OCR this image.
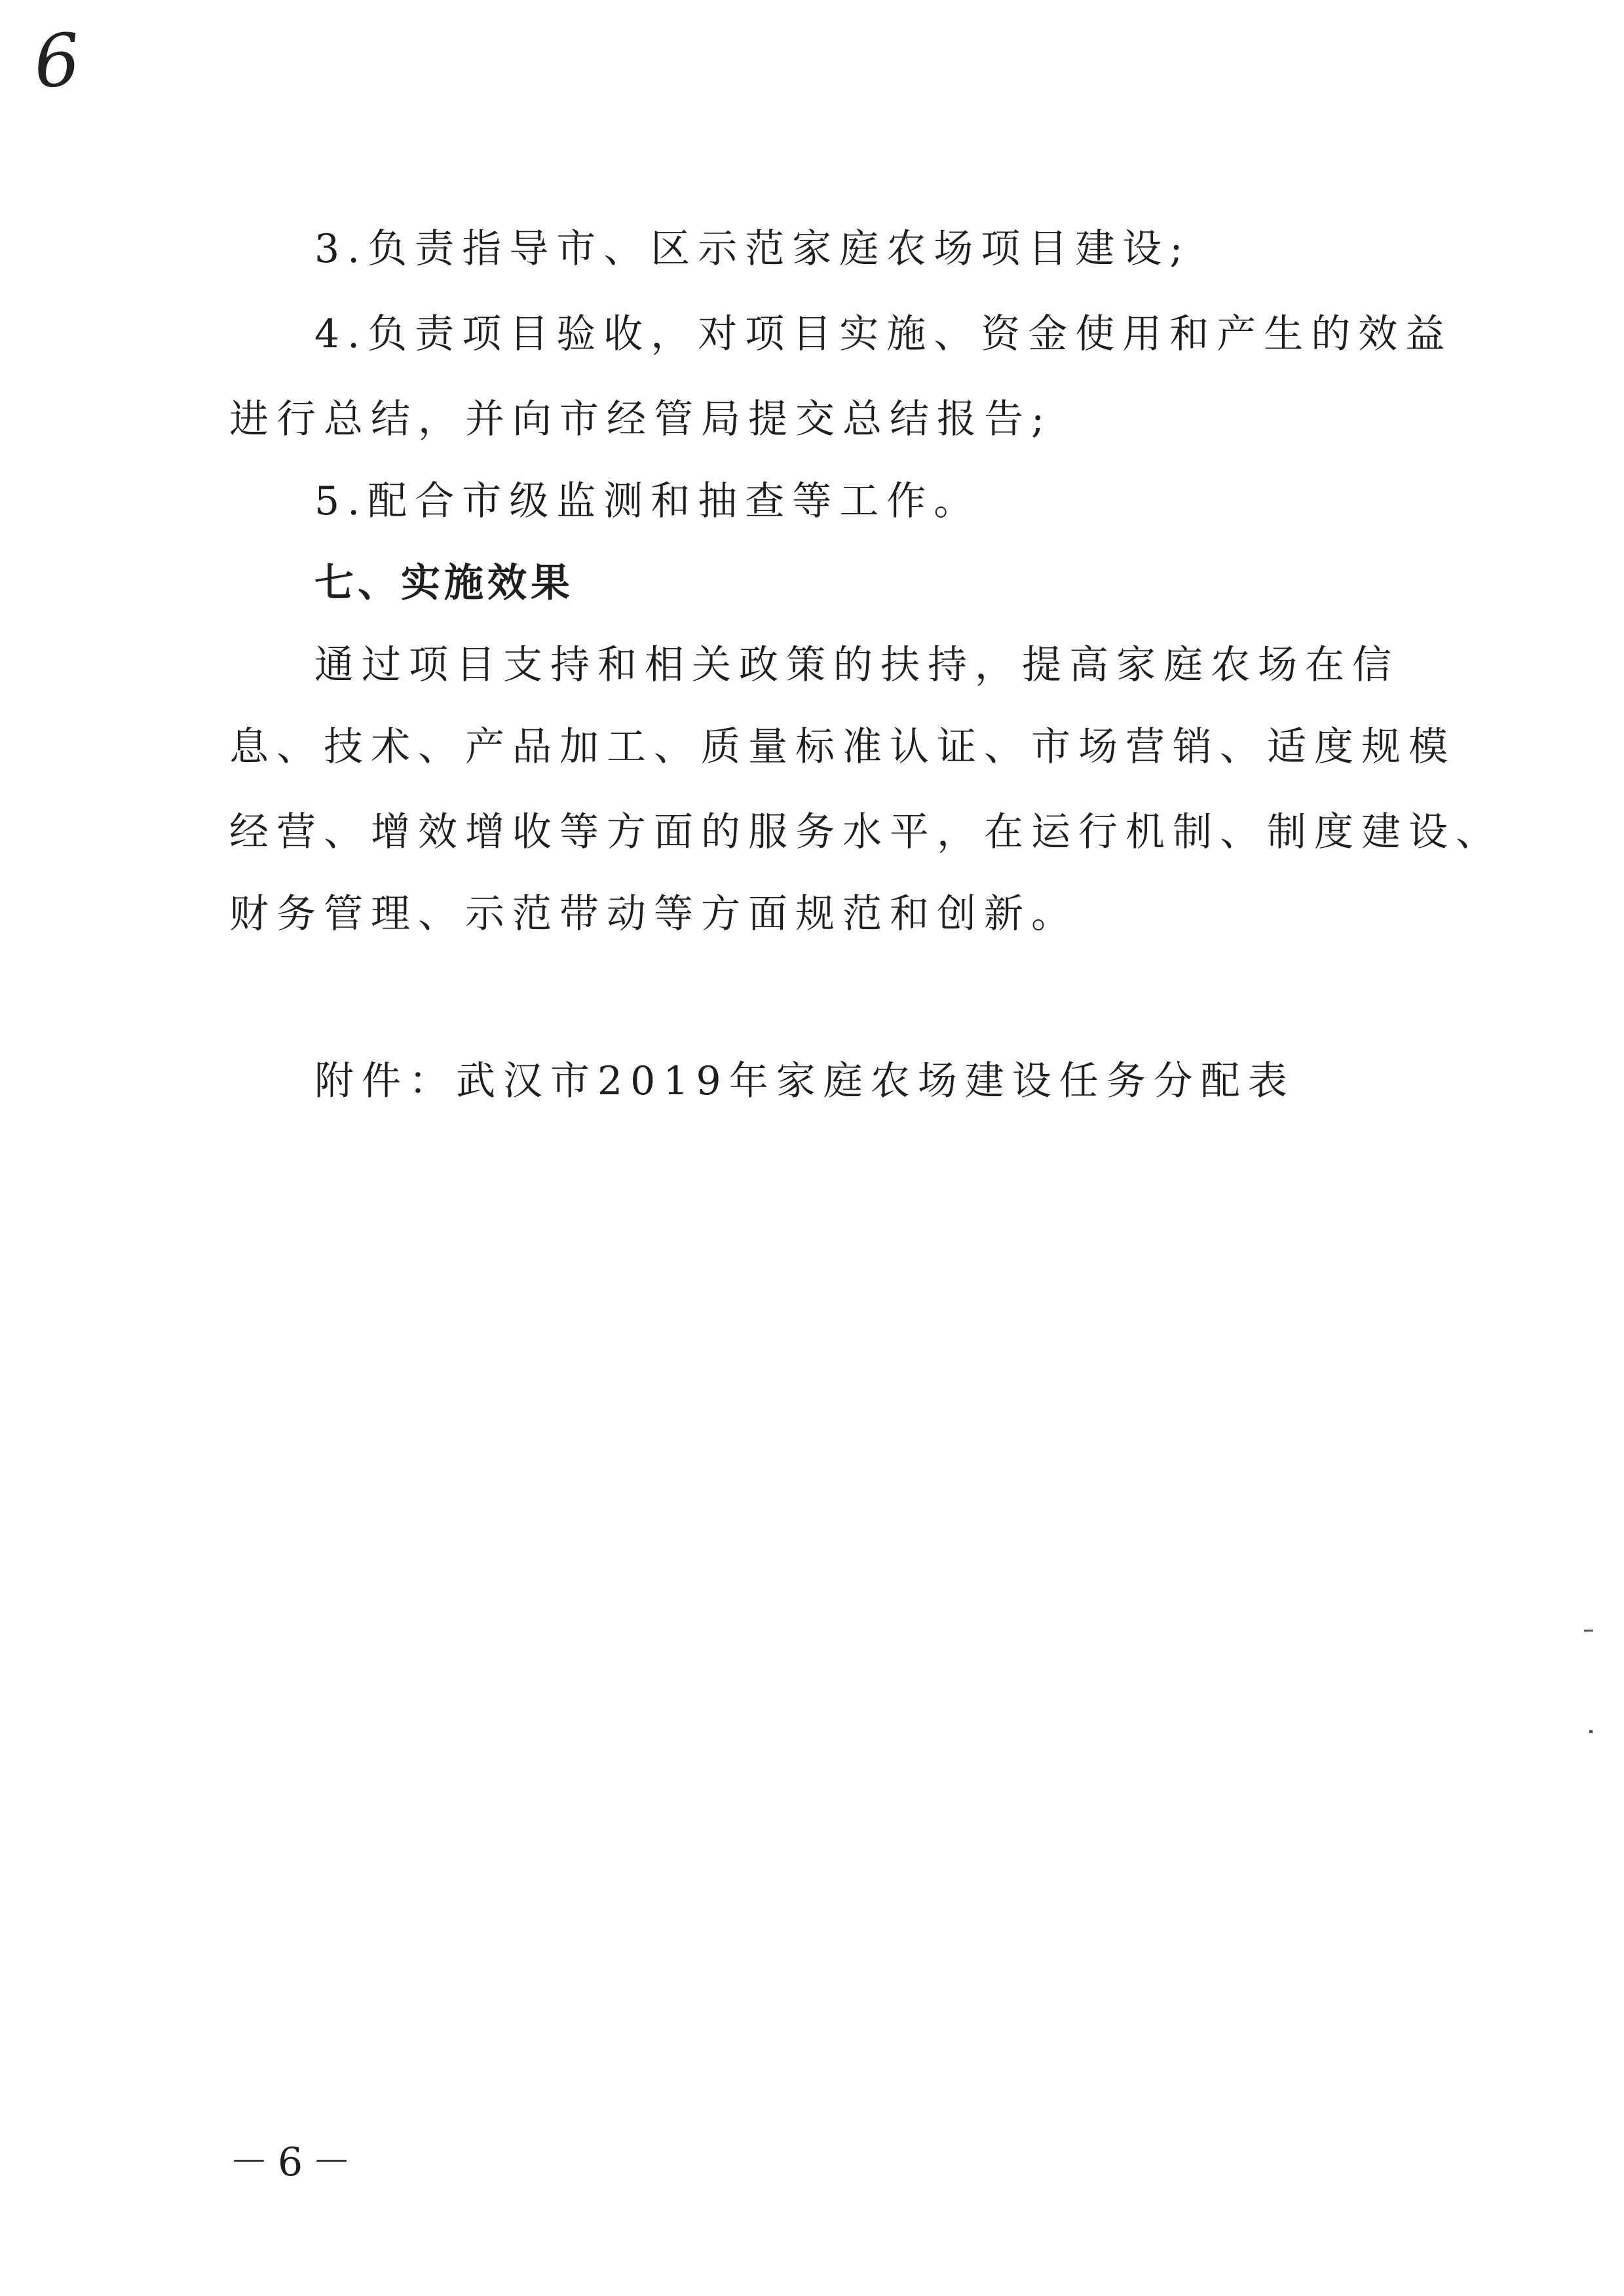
6
3.负责指导市、区示范家庭农场项目建设;
4.负责项目验收，对项目实施、资金使用和产生的效益
进行总结，并向市经管局提交总结报告;
5.配合市级监测和抽查等工作。
七、实施效果
通过项目支持和相关政策的扶持，提高家庭农场在信
息、技术、产品加工、质量标准认证、市场营销、适度规模
经营、增效增收等方面的服务水平，在运行机制、制度建设、
财务管理、示范带动等方面规范和创新。
附件：武汉市2019年家庭农场建设任务分配表
－6－
